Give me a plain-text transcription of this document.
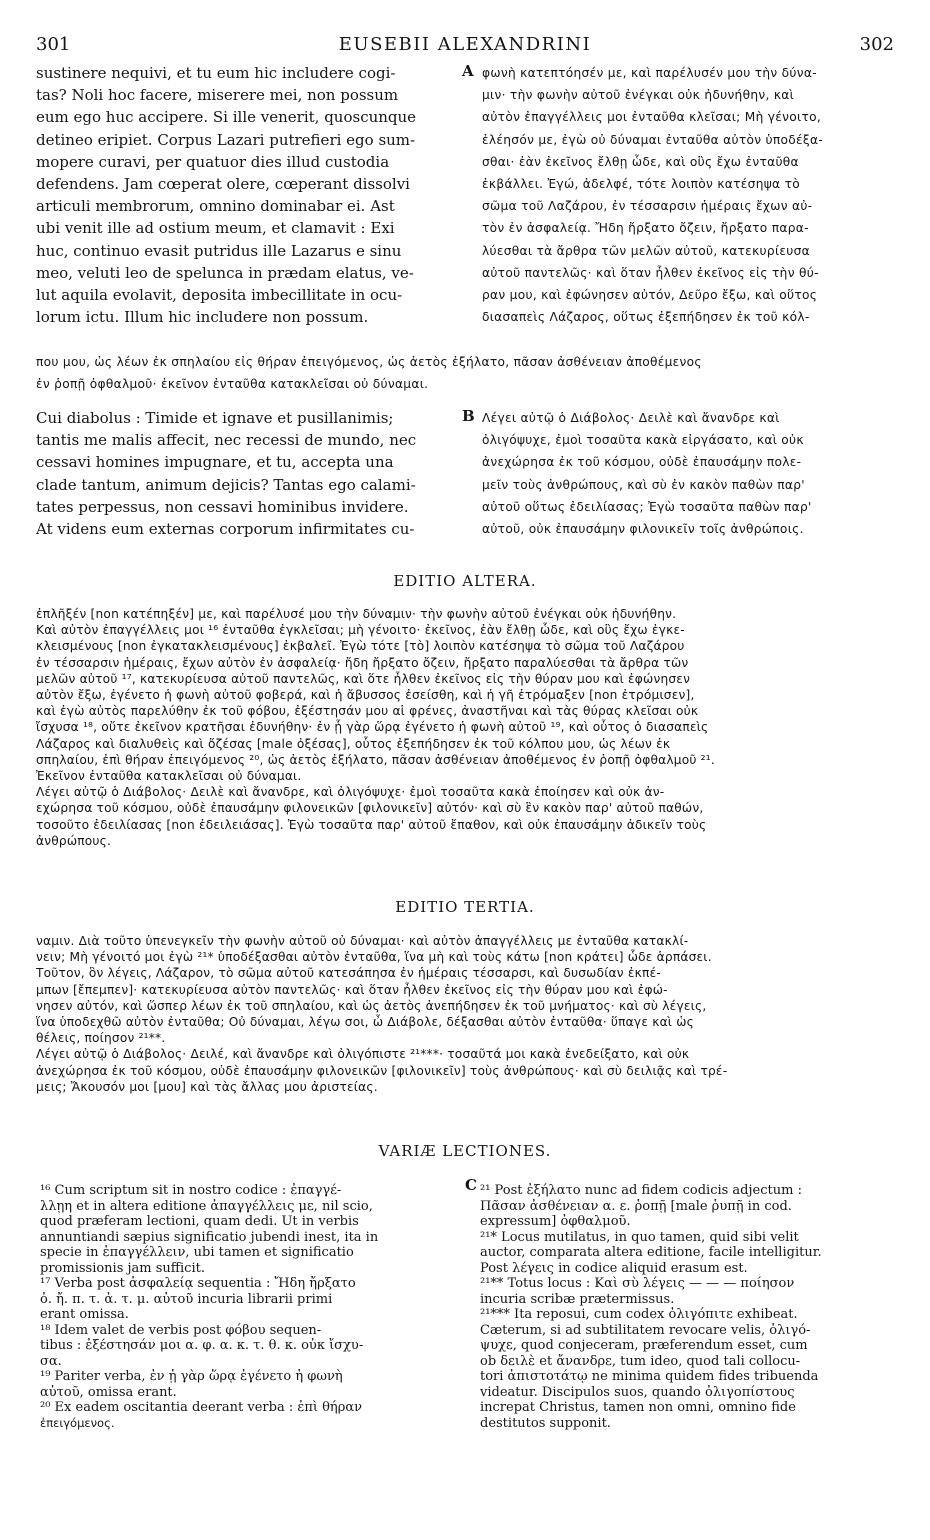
301	EUSEBII ALEXANDRINI	302
sustinere nequivi, et tu eum hic includere cogi-
tas? Noli hoc facere, miserere mei, non possum
eum ego huc accipere. Si ille venerit, quoscunque
detineo eripiet. Corpus Lazari putrefieri ego sum-
mopere curavi, per quatuor dies illud custodia
defendens. Jam cœperat olere, cœperant dissolvi
articuli membrorum, omnino dominabar ei. Ast
ubi venit ille ad ostium meum, et clamavit : Exi
huc, continuo evasit putridus ille Lazarus e sinu
meo, veluti leo de spelunca in prædam elatus, ve-
lut aquila evolavit, deposita imbecillitate in ocu-
lorum ictu. Illum hic includere non possum.
A φωνὴ κατεπτόησέν με, καὶ παρέλυσέν μου τὴν δύνα-
μιν· τὴν φωνὴν αὐτοῦ ἐνέγκαι οὐκ ἠδυνήθην, καὶ
αὐτὸν ἐπαγγέλλεις μοι ἐνταῦθα κλεῖσαι; Μὴ γένοιτο,
ἐλέησόν με, ἐγὼ οὐ δύναμαι ἐνταῦθα αὐτὸν ὑποδέξα-
σθαι· ἐὰν ἐκεῖνος ἔλθῃ ὧδε, καὶ οὓς ἔχω ἐνταῦθα
ἐκβάλλει. Ἐγώ, ἀδελφέ, τότε λοιπὸν κατέσηψα τὸ
σῶμα τοῦ Λαζάρου, ἐν τέσσαρσιν ἡμέραις ἔχων αὐ-
τὸν ἐν ἀσφαλείᾳ. Ἤδη ἤρξατο ὄζειν, ἤρξατο παρα-
λύεσθαι τὰ ἄρθρα τῶν μελῶν αὐτοῦ, κατεκυρίευσα
αὐτοῦ παντελῶς· καὶ ὅταν ἦλθεν ἐκεῖνος εἰς τὴν θύ-
ραν μου, καὶ ἐφώνησεν αὐτόν, Δεῦρο ἔξω, καὶ οὕτος
διασαπεὶς Λάζαρος, οὕτως ἐξεπήδησεν ἐκ τοῦ κόλ-
που μου, ὡς λέων ἐκ σπηλαίου εἰς θήραν ἐπειγόμενος, ὡς ἀετὸς ἐξήλατο, πᾶσαν ἀσθένειαν ἀποθέμενος
ἐν ῥοπῇ ὀφθαλμοῦ· ἐκεῖνον ἐνταῦθα κατακλεῖσαι οὐ δύναμαι.
Cui diabolus : Timide et ignave et pusillanimis;
tantis me malis affecit, nec recessi de mundo, nec
cessavi homines impugnare, et tu, accepta una
clade tantum, animum dejicis? Tantas ego calami-
tates perpessus, non cessavi hominibus invidere.
At videns eum externas corporum infirmitates cu-
B Λέγει αὐτῷ ὁ Διάβολος· Δειλὲ καὶ ἄνανδρε καὶ
ὀλιγόψυχε, ἐμοὶ τοσαῦτα κακὰ εἰργάσατο, καὶ οὐκ
ἀνεχώρησα ἐκ τοῦ κόσμου, οὐδὲ ἐπαυσάμην πολε-
μεῖν τοὺς ἀνθρώπους, καὶ σὺ ἐν κακὸν παθὼν παρ'
αὐτοῦ οὕτως ἐδειλίασας; Ἐγὼ τοσαῦτα παθὼν παρ'
αὐτοῦ, οὐκ ἐπαυσάμην φιλονικεῖν τοῖς ἀνθρώποις.
EDITIO ALTERA.
ἐπλῆξέν [non κατέπηξέν] με, καὶ παρέλυσέ μου τὴν δύναμιν· τὴν φωνὴν αὐτοῦ ἐνέγκαι οὐκ ἠδυνήθην.
Καὶ αὐτὸν ἐπαγγέλλεις μοι ¹⁶ ἐνταῦθα ἐγκλεῖσαι; μὴ γένοιτο· ἐκεῖνος, ἐὰν ἔλθῃ ὧδε, καὶ οὓς ἔχω ἐγκε-
κλεισμένους [non ἐγκατακλεισμένους] ἐκβαλεῖ. Ἐγὼ τότε [τὸ] λοιπὸν κατέσηψα τὸ σῶμα τοῦ Λαζάρου
ἐν τέσσαρσιν ἡμέραις, ἔχων αὐτὸν ἐν ἀσφαλείᾳ· ἤδη ἤρξατο ὄζειν, ἤρξατο παραλύεσθαι τὰ ἄρθρα τῶν
μελῶν αὐτοῦ ¹⁷, κατεκυρίευσα αὐτοῦ παντελῶς, καὶ ὅτε ἦλθεν ἐκεῖνος εἰς τὴν θύραν μου καὶ ἐφώνησεν
αὐτὸν ἔξω, ἐγένετο ἡ φωνὴ αὐτοῦ φοβερά, καὶ ἡ ἄβυσσος ἐσείσθη, καὶ ἡ γῆ ἐτρόμαξεν [non ἐτρόμισεν],
καὶ ἐγὼ αὐτὸς παρελύθην ἐκ τοῦ φόβου, ἐξέστησάν μου αἱ φρένες, ἀναστῆναι καὶ τὰς θύρας κλεῖσαι οὐκ
ἴσχυσα ¹⁸, οὔτε ἐκεῖνον κρατῆσαι ἐδυνήθην· ἐν ᾗ γὰρ ὥρᾳ ἐγένετο ἡ φωνὴ αὐτοῦ ¹⁹, καὶ οὗτος ὁ διασαπεὶς
Λάζαρος καὶ διαλυθεὶς καὶ ὄζέσας [male ὀξέσας], οὗτος ἐξεπήδησεν ἐκ τοῦ κόλπου μου, ὡς λέων ἐκ
σπηλαίου, ἐπὶ θήραν ἐπειγόμενος ²⁰, ὡς ἀετὸς ἐξήλατο, πᾶσαν ἀσθένειαν ἀποθέμενος ἐν ῥοπῇ ὀφθαλμοῦ ²¹.
Ἐκεῖνον ἐνταῦθα κατακλεῖσαι οὐ δύναμαι.
Λέγει αὐτῷ ὁ Διάβολος· Δειλὲ καὶ ἄνανδρε, καὶ ὀλιγόψυχε· ἐμοὶ τοσαῦτα κακὰ ἐποίησεν καὶ οὐκ ἀν-
εχώρησα τοῦ κόσμου, οὐδὲ ἐπαυσάμην φιλονεικῶν [φιλονικεῖν] αὐτόν· καὶ σὺ ἓν κακὸν παρ' αὐτοῦ παθών,
τοσοῦτο ἐδειλίασας [non ἐδειλειάσας]. Ἐγὼ τοσαῦτα παρ' αὐτοῦ ἔπαθον, καὶ οὐκ ἐπαυσάμην ἀδικεῖν τοὺς
ἀνθρώπους.
EDITIO TERTIA.
ναμιν. Διὰ τοῦτο ὑπενεγκεῖν τὴν φωνὴν αὐτοῦ οὐ δύναμαι· καὶ αὐτὸν ἀπαγγέλλεις με ἐνταῦθα κατακλί-
νειν; Μὴ γένοιτό μοι ἐγὼ ²¹* ὑποδέξασθαι αὐτὸν ἐνταῦθα, ἵνα μὴ καὶ τοὺς κάτω [non κράτει] ὧδε ἁρπάσει.
Τοῦτον, ὃν λέγεις, Λάζαρον, τὸ σῶμα αὐτοῦ κατεσάπησα ἐν ἡμέραις τέσσαρσι, καὶ δυσωδίαν ἐκπέ-
μπων [ἔπεμπεν]· κατεκυρίευσα αὐτὸν παντελῶς· καὶ ὅταν ἦλθεν ἐκεῖνος εἰς τὴν θύραν μου καὶ ἐφώ-
νησεν αὐτόν, καὶ ὥσπερ λέων ἐκ τοῦ σπηλαίου, καὶ ὡς ἀετὸς ἀνεπήδησεν ἐκ τοῦ μνήματος· καὶ σὺ λέγεις,
ἵνα ὑποδεχθῶ αὐτὸν ἐνταῦθα; Οὐ δύναμαι, λέγω σοι, ὦ Διάβολε, δέξασθαι αὐτὸν ἐνταῦθα· ὕπαγε καὶ ὡς
θέλεις, ποίησον ²¹**.
Λέγει αὐτῷ ὁ Διάβολος· Δειλέ, καὶ ἄνανδρε καὶ ὀλιγόπιστε ²¹***· τοσαῦτά μοι κακὰ ἐνεδείξατο, καὶ οὐκ
ἀνεχώρησα ἐκ τοῦ κόσμου, οὐδὲ ἐπαυσάμην φιλονεικῶν [φιλονικεῖν] τοὺς ἀνθρώπους· καὶ σὺ δειλιᾷς καὶ τρέ-
μεις; Ἄκουσόν μοι [μου] καὶ τὰς ἄλλας μου ἀριστείας.
VARIÆ LECTIONES.
¹⁶ Cum scriptum sit in nostro codice : ἐπαγγέ-
λλῃη et in altera editione ἀπαγγέλλεις με, nil scio,
quod præferam lectioni, quam dedi. Ut in verbis
annuntiandi sæpius significatio jubendi inest, ita in
specie in ἐπαγγέλλειν, ubi tamen et significatio
promissionis jam sufficit.
¹⁷ Verba post ἀσφαλείᾳ sequentia : Ἤδη ἤρξατο
ὀ. ἤ. π. τ. ἀ. τ. μ. αὐτοῦ incuria librarii primi
erant omissa.
¹⁸ Idem valet de verbis post φόβου sequen-
tibus : ἐξέστησάν μοι α. φ. α. κ. τ. θ. κ. οὐκ ἴσχυ-
σα.
¹⁹ Pariter verba, ἐν ᾗ γὰρ ὥρᾳ ἐγένετο ἡ φωνὴ
αὐτοῦ, omissa erant.
²⁰ Ex eadem oscitantia deerant verba : ἐπὶ θήραν
ἐπειγόμενος.
C ²¹ Post ἐξήλατο nunc ad fidem codicis adjectum :
Πᾶσαν ἀσθένειαν α. ε. ῥοπῇ [male ῥυπῇ in cod.
expressum] ὀφθαλμοῦ.
²¹* Locus mutilatus, in quo tamen, quid sibi velit
auctor, comparata altera editione, facile intelligitur.
Post λέγεις in codice aliquid erasum est.
²¹** Totus locus : Καὶ σὺ λέγεις — — — ποίησον
incuria scribæ prætermissus.
²¹*** Ita reposui, cum codex ὀλιγόπιτε exhibeat.
Cæterum, si ad subtilitatem revocare velis, ὀλιγό-
ψυχε, quod conjeceram, præferendum esset, cum
ob δειλὲ et ἄνανδρε, tum ideo, quod tali collocu-
tori ἀπιστοτάτῳ ne minima quidem fides tribuenda
videatur. Discipulos suos, quando ὀλιγοπίστους
increpat Christus, tamen non omni, omnino fide
destitutos supponit.
